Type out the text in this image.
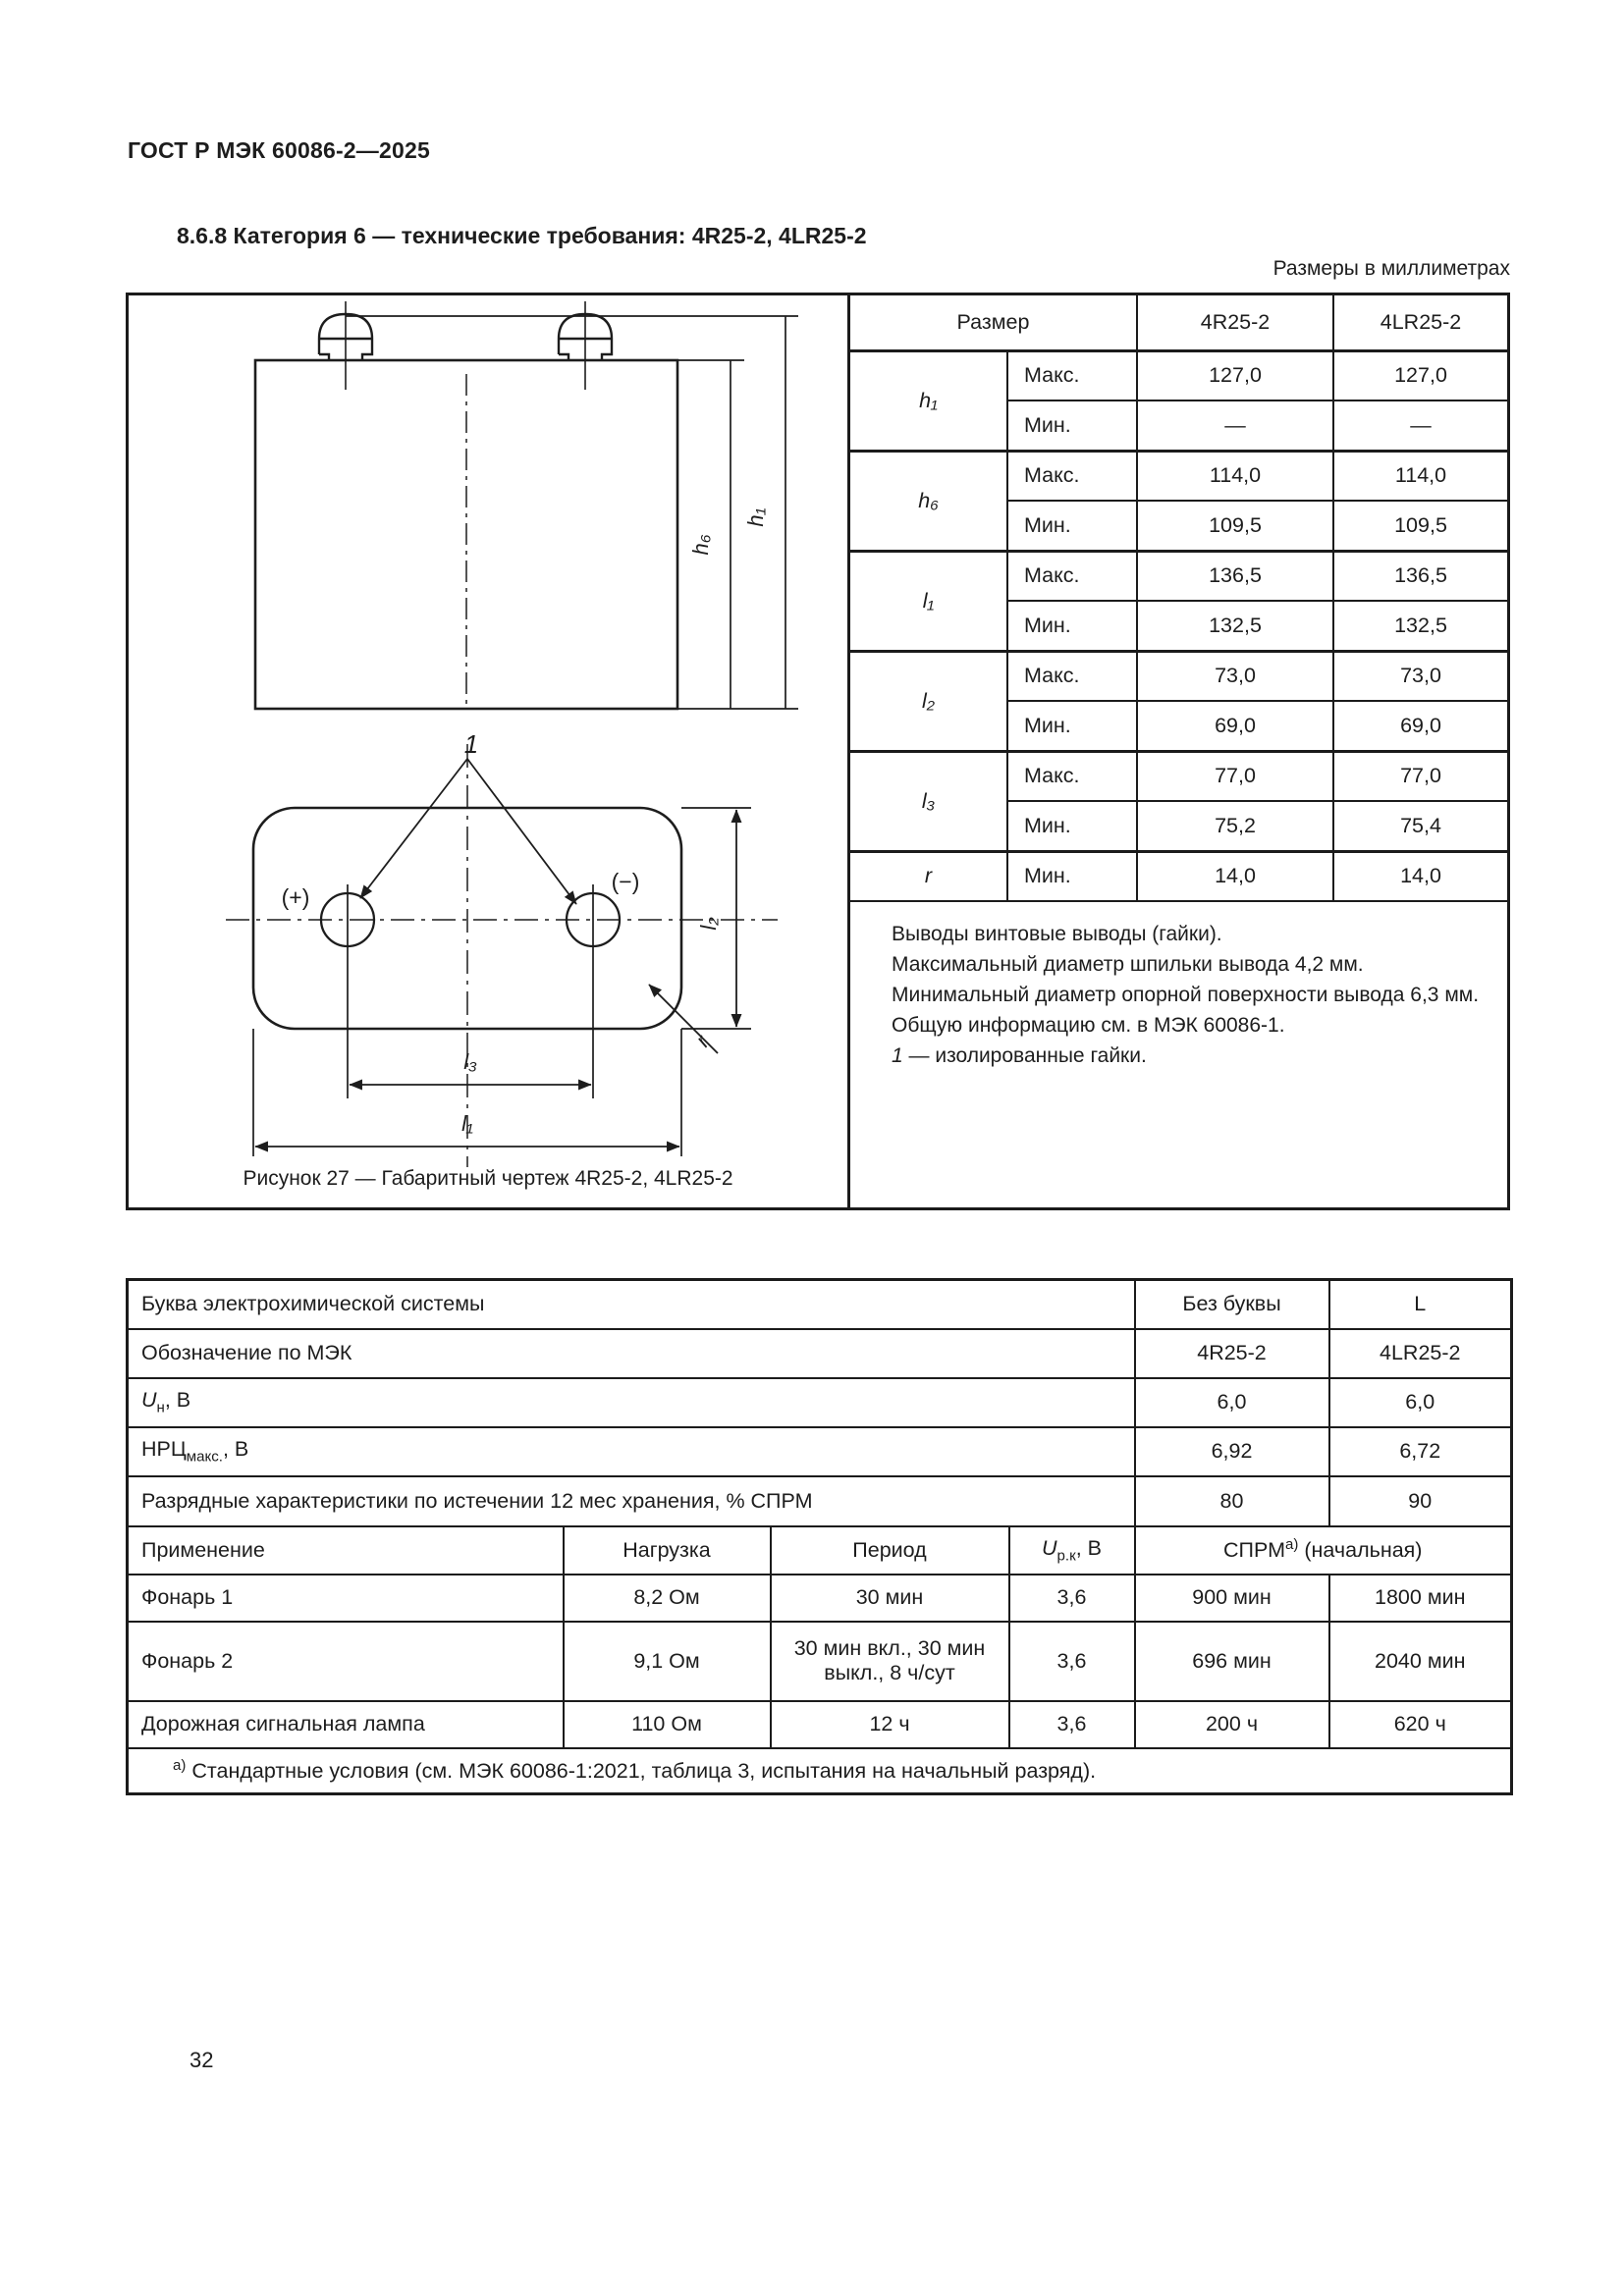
ГОСТ Р МЭК 60086-2—2025
8.6.8 Категория 6 — технические требования: 4R25-2, 4LR25-2
Размеры в миллиметрах
h₁
h₆
l₂
r
l₃
l₁
1
(+)
(−)
Рисунок 27 — Габаритный чертеж 4R25-2, 4LR25-2
Размер		4R25-2	4LR25-2
h₁	Макс.	127,0	127,0
	Мин.	—	—
h₆	Макс.	114,0	114,0
	Мин.	109,5	109,5
l₁	Макс.	136,5	136,5
	Мин.	132,5	132,5
l₂	Макс.	73,0	73,0
	Мин.	69,0	69,0
l₃	Макс.	77,0	77,0
	Мин.	75,2	75,4
r	Мин.	14,0	14,0

Выводы винтовые выводы (гайки).

Максимальный диаметр шпильки вывода 4,2 мм.

Минимальный диаметр опорной поверхности вывода 6,3 мм.

Общую информацию см. в МЭК 60086-1.

1 — изолированные гайки.

Буква электрохимической системы				Без буквы	L
Обозначение по МЭК				4R25-2	4LR25-2
$U_н$, В				6,0	6,0
$НРЦ_{макс.}$, В				6,92	6,72
Разрядные характеристики по истечении 12 мес хранения, % СПРМ				80	90
Применение	Нагрузка	Период	$U_{р.к}$, В	$СПРМ^{а)}$ (начальная)	
Фонарь 1	8,2 Ом	30 мин	3,6	900 мин	1800 мин
Фонарь 2	9,1 Ом	30 мин вкл., 30 мин выкл., 8 ч/сут	3,6	696 мин	2040 мин
Дорожная сигнальная лампа	110 Ом	12 ч	3,6	200 ч	620 ч
$^{а)}$ Стандартные условия (см. МЭК 60086-1:2021, таблица 3, испытания на начальный разряд).					
32
